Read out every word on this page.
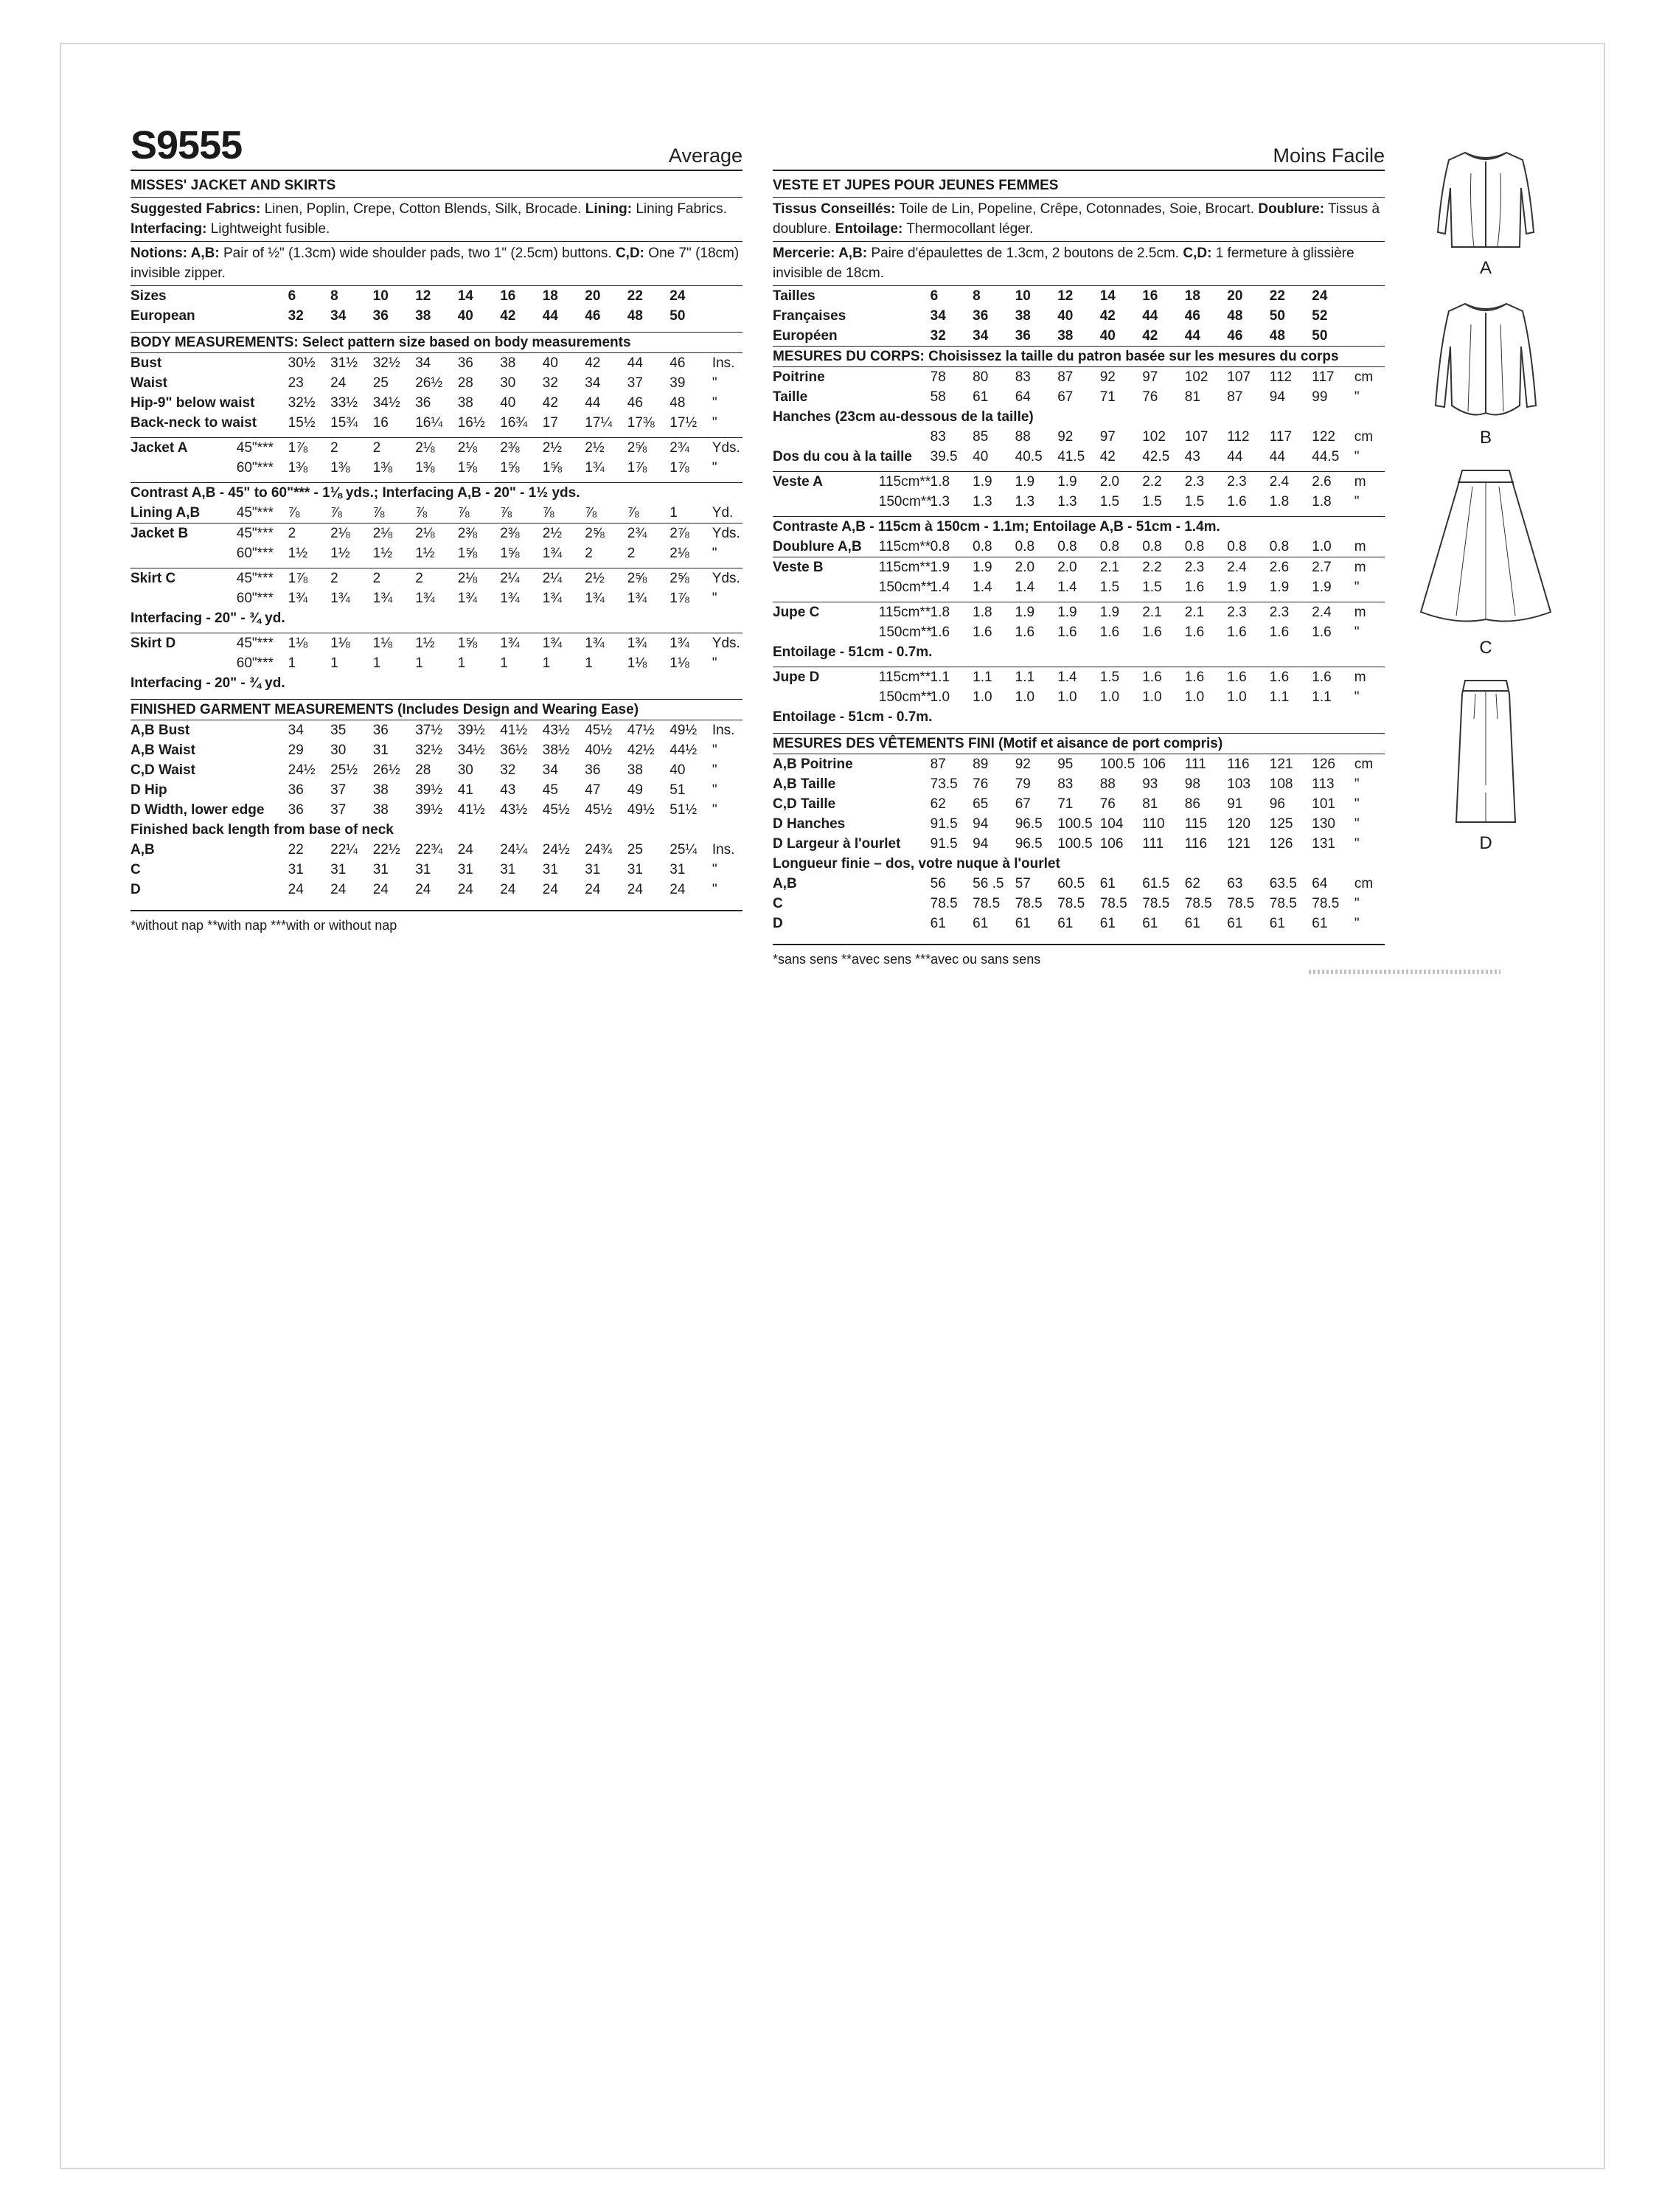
S9555	Average
MISSES' JACKET AND SKIRTS
Suggested Fabrics: Linen, Poplin, Crepe, Cotton Blends, Silk, Brocade. Lining: Lining Fabrics.
Interfacing: Lightweight fusible.
Notions: A,B: Pair of ½" (1.3cm) wide shoulder pads, two 1" (2.5cm) buttons. C,D: One 7" (18cm) invisible zipper.
Sizes	6	8	10	12	14	16	18	20	22	24	
European	32	34	36	38	40	42	44	46	48	50	
BODY MEASUREMENTS: Select pattern size based on body measurements
Bust	30½	31½	32½	34	36	38	40	42	44	46	Ins.
Waist	23	24	25	26½	28	30	32	34	37	39	"
Hip-9" below waist	32½	33½	34½	36	38	40	42	44	46	48	"
Back-neck to waist	15½	15¾	16	16¼	16½	16¾	17	17¼	17⅜	17½	"
Jacket A	45"***	1⅞	2	2	2⅛	2⅛	2⅜	2½	2½	2⅝	2¾	Yds.
	60"***	1⅜	1⅜	1⅜	1⅜	1⅝	1⅝	1⅝	1¾	1⅞	1⅞	"
Contrast A,B - 45" to 60"*** - 1⅛ yds.; Interfacing A,B - 20" - 1½ yds.
Lining A,B	45"***	⅞	⅞	⅞	⅞	⅞	⅞	⅞	⅞	⅞	1	Yd.
Jacket B	45"***	2	2⅛	2⅛	2⅛	2⅜	2⅜	2½	2⅝	2¾	2⅞	Yds.
	60"***	1½	1½	1½	1½	1⅝	1⅝	1¾	2	2	2⅛	"
Skirt C	45"***	1⅞	2	2	2	2⅛	2¼	2¼	2½	2⅝	2⅝	Yds.
	60"***	1¾	1¾	1¾	1¾	1¾	1¾	1¾	1¾	1¾	1⅞	"
Interfacing - 20" - ¾ yd.
Skirt D	45"***	1⅛	1⅛	1⅛	1½	1⅝	1¾	1¾	1¾	1¾	1¾	Yds.
	60"***	1	1	1	1	1	1	1	1	1⅛	1⅛	"
Interfacing - 20" - ¾ yd.
FINISHED GARMENT MEASUREMENTS (Includes Design and Wearing Ease)
A,B Bust	34	35	36	37½	39½	41½	43½	45½	47½	49½	Ins.
A,B Waist	29	30	31	32½	34½	36½	38½	40½	42½	44½	"
C,D Waist	24½	25½	26½	28	30	32	34	36	38	40	"
D Hip	36	37	38	39½	41	43	45	47	49	51	"
D Width, lower edge	36	37	38	39½	41½	43½	45½	45½	49½	51½	"
Finished back length from base of neck
A,B	22	22¼	22½	22¾	24	24¼	24½	24¾	25	25¼	Ins.
C	31	31	31	31	31	31	31	31	31	31	"
D	24	24	24	24	24	24	24	24	24	24	"
*without nap **with nap ***with or without nap
Moins Facile
VESTE ET JUPES POUR JEUNES FEMMES
Tissus Conseillés: Toile de Lin, Popeline, Crêpe, Cotonnades, Soie, Brocart. Doublure: Tissus à doublure. Entoilage: Thermocollant léger.
Mercerie: A,B: Paire d'épaulettes de 1.3cm, 2 boutons de 2.5cm. C,D: 1 fermeture à glissière invisible de 18cm.
Tailles	6	8	10	12	14	16	18	20	22	24	
Françaises	34	36	38	40	42	44	46	48	50	52	
Européen	32	34	36	38	40	42	44	46	48	50	
MESURES DU CORPS: Choisissez la taille du patron basée sur les mesures du corps
Poitrine	78	80	83	87	92	97	102	107	112	117	cm
Taille	58	61	64	67	71	76	81	87	94	99	"
Hanches (23cm au-dessous de la taille)
	83	85	88	92	97	102	107	112	117	122	cm
Dos du cou à la taille	39.5	40	40.5	41.5	42	42.5	43	44	44	44.5	"
Veste A	115cm**	1.8	1.9	1.9	1.9	2.0	2.2	2.3	2.3	2.4	2.6	m
	150cm**	1.3	1.3	1.3	1.3	1.5	1.5	1.5	1.6	1.8	1.8	"
Contraste A,B - 115cm à 150cm - 1.1m; Entoilage A,B - 51cm - 1.4m.
Doublure A,B	115cm**	0.8	0.8	0.8	0.8	0.8	0.8	0.8	0.8	0.8	1.0	m
Veste B	115cm**	1.9	1.9	2.0	2.0	2.1	2.2	2.3	2.4	2.6	2.7	m
	150cm**	1.4	1.4	1.4	1.4	1.5	1.5	1.6	1.9	1.9	1.9	"
Jupe C	115cm**	1.8	1.8	1.9	1.9	1.9	2.1	2.1	2.3	2.3	2.4	m
	150cm**	1.6	1.6	1.6	1.6	1.6	1.6	1.6	1.6	1.6	1.6	"
Entoilage - 51cm - 0.7m.
Jupe D	115cm**	1.1	1.1	1.1	1.4	1.5	1.6	1.6	1.6	1.6	1.6	m
	150cm**	1.0	1.0	1.0	1.0	1.0	1.0	1.0	1.0	1.1	1.1	"
Entoilage - 51cm - 0.7m.
MESURES DES VÊTEMENTS FINI (Motif et aisance de port compris)
A,B Poitrine	87	89	92	95	100.5	106	111	116	121	126	cm
A,B Taille	73.5	76	79	83	88	93	98	103	108	113	"
C,D Taille	62	65	67	71	76	81	86	91	96	101	"
D Hanches	91.5	94	96.5	100.5	104	110	115	120	125	130	"
D Largeur à l'ourlet	91.5	94	96.5	100.5	106	111	116	121	126	131	"
Longueur finie – dos, votre nuque à l'ourlet
A,B	56	56 .5	57	60.5	61	61.5	62	63	63.5	64	cm
C	78.5	78.5	78.5	78.5	78.5	78.5	78.5	78.5	78.5	78.5	"
D	61	61	61	61	61	61	61	61	61	61	"
*sans sens **avec sens ***avec ou sans sens
A
B
C
D
